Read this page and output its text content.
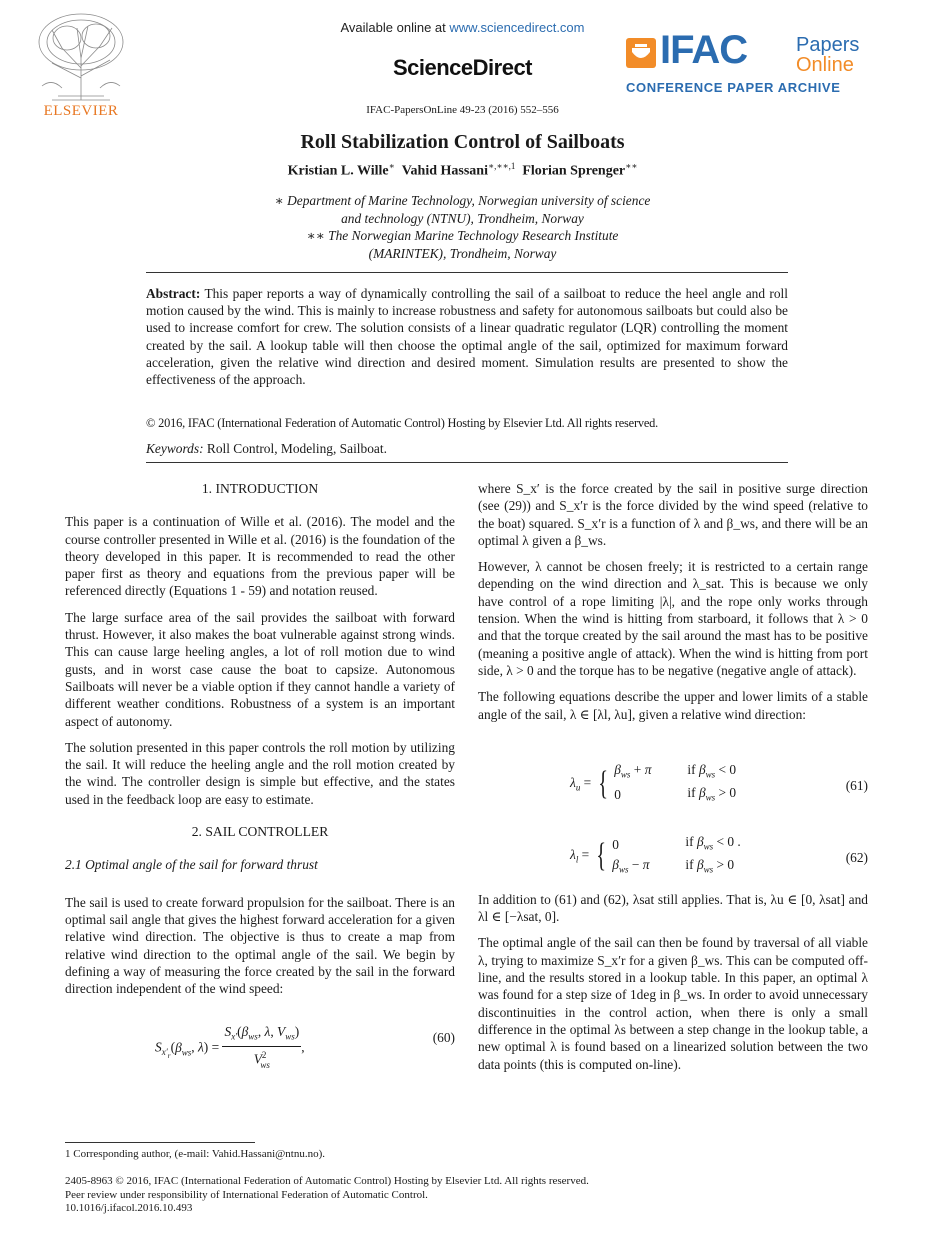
ELSEVIER
Available online at www.sciencedirect.com
ScienceDirect	IFAC Papers
Online
CONFERENCE PAPER ARCHIVE
IFAC-PapersOnLine 49-23 (2016) 552–556
Roll Stabilization Control of Sailboats
Kristian L. Wille∗ Vahid Hassani$^{∗,∗∗,1}$ Florian Sprenger∗∗
∗ Department of Marine Technology, Norwegian university of science
and technology (NTNU), Trondheim, Norway
∗∗ The Norwegian Marine Technology Research Institute
(MARINTEK), Trondheim, Norway
Abstract: This paper reports a way of dynamically controlling the sail of a sailboat to reduce the heel angle and roll motion caused by the wind. This is mainly to increase robustness and safety for autonomous sailboats but could also be used to increase comfort for crew. The solution consists of a linear quadratic regulator (LQR) controlling the moment created by the sail. A lookup table will then choose the optimal angle of the sail, optimized for maximum forward acceleration, given the relative wind direction and desired moment. Simulation results are presented to show the effectiveness of the approach.
© 2016, IFAC (International Federation of Automatic Control) Hosting by Elsevier Ltd. All rights reserved.
Keywords: Roll Control, Modeling, Sailboat.
1. INTRODUCTION

This paper is a continuation of Wille et al. (2016). The model and the course controller presented in Wille et al. (2016) is the foundation of the theory developed in this paper. It is recommended to read the other paper first as theory and equations from the previous paper will be referenced directly (Equations 1 - 59) and notation reused.

The large surface area of the sail provides the sailboat with forward thrust. However, it also makes the boat vulnerable against strong winds. This can cause large heeling angles, a lot of roll motion due to wind gusts, and in worst case cause the boat to capsize. Autonomous Sailboats will never be a viable option if they cannot handle a variety of different weather conditions. Robustness of a system is an important aspect of autonomy.

The solution presented in this paper controls the roll motion by utilizing the sail. It will reduce the heeling angle and the roll motion created by the wind. The controller design is simple but effective, and the states used in the feedback loop are easy to estimate.

2. SAIL CONTROLLER
2.1 Optimal angle of the sail for forward thrust

The sail is used to create forward propulsion for the sailboat. There is an optimal sail angle that gives the highest forward acceleration for a given relative wind direction. The objective is thus to create a map from relative wind direction to the optimal angle of the sail. We begin by defining a way of measuring the force created by the sail in the forward direction independent of the wind speed:

$S_{x'_r}(\beta_{ws}$, $\lambda) = \frac{S_{x'}(\beta_{ws}, \lambda, V_{ws})}{V^2_{ws}}$ ,
(60)
1 Corresponding author, (e-mail: Vahid.Hassani@ntnu.no).

where S_x′ is the force created by the sail in positive surge direction (see (29)) and S_x′r is the force divided by the wind speed (relative to the boat) squared. S_x′r is a function of λ and β_ws, and there will be an optimal λ given a β_ws.

However, λ cannot be chosen freely; it is restricted to a certain range depending on the wind direction and λ_sat. This is because we only have control of a rope limiting |λ|, and the rope only works through tension. When the wind is hitting from starboard, it follows that λ > 0 and that the torque created by the sail around the mast has to be positive (meaning a positive angle of attack). When the wind is hitting from port side, λ > 0 and the torque has to be negative (negative angle of attack).

The following equations describe the upper and lower limits of a stable angle of the sail, λ ∈ [λl, λu], given a relative wind direction:

$\lambda_u$ = { $\beta_{ws} + \pi$	if $\beta_{ws} < 0$
0	if $\beta_{ws} > 0$	(61)
$\lambda_l$ = { 0	if $\beta_{ws} < 0$ .
$\beta_{ws} - \pi$	if $\beta_{ws} > 0$	(62)

In addition to (61) and (62), λsat still applies. That is, λu ∈ [0, λsat] and λl ∈ [−λsat, 0].

The optimal angle of the sail can then be found by traversal of all viable λ, trying to maximize S_x′r for a given β_ws. This can be computed off-line, and the results stored in a lookup table. In this paper, an optimal λ was found for a step size of 1deg in β_ws. In order to avoid unnecessary discontinuities in the control action, when there is only a small difference in the optimal λs between a step change in the lookup table, a new optimal λ is found based on a linearized solution between the two data points (this is computed on-line).

2405-8963 © 2016, IFAC (International Federation of Automatic Control) Hosting by Elsevier Ltd. All rights reserved.
Peer review under responsibility of International Federation of Automatic Control.
10.1016/j.ifacol.2016.10.493
